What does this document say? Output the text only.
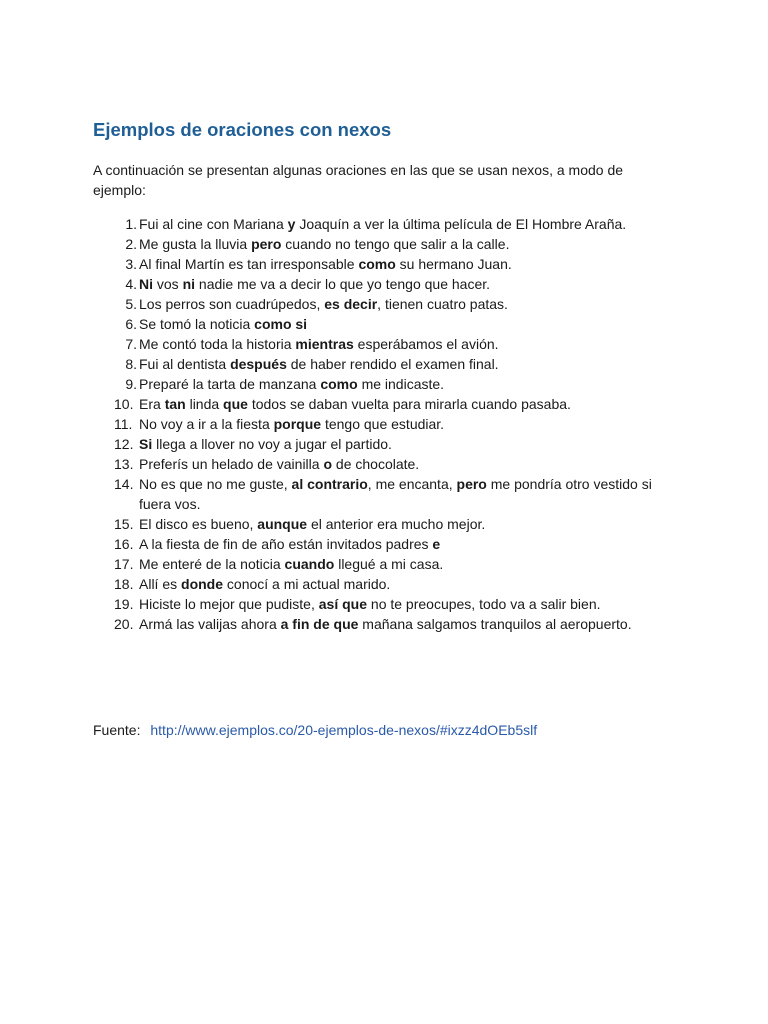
Ejemplos de oraciones con nexos

A continuación se presentan algunas oraciones en las que se usan nexos, a modo de ejemplo:

1. Fui al cine con Mariana y Joaquín a ver la última película de El Hombre Araña.
2. Me gusta la lluvia pero cuando no tengo que salir a la calle.
3. Al final Martín es tan irresponsable como su hermano Juan.
4. Ni vos ni nadie me va a decir lo que yo tengo que hacer.
5. Los perros son cuadrúpedos, es decir, tienen cuatro patas.
6. Se tomó la noticia como si
7. Me contó toda la historia mientras esperábamos el avión.
8. Fui al dentista después de haber rendido el examen final.
9. Preparé la tarta de manzana como me indicaste.
10. Era tan linda que todos se daban vuelta para mirarla cuando pasaba.
11. No voy a ir a la fiesta porque tengo que estudiar.
12. Si llega a llover no voy a jugar el partido.
13. Preferís un helado de vainilla o de chocolate.
14. No es que no me guste, al contrario, me encanta, pero me pondría otro vestido si fuera vos.
15. El disco es bueno, aunque el anterior era mucho mejor.
16. A la fiesta de fin de año están invitados padres e
17. Me enteré de la noticia cuando llegué a mi casa.
18. Allí es donde conocí a mi actual marido.
19. Hiciste lo mejor que pudiste, así que no te preocupes, todo va a salir bien.
20. Armá las valijas ahora a fin de que mañana salgamos tranquilos al aeropuerto.
Fuente: http://www.ejemplos.co/20-ejemplos-de-nexos/#ixzz4dOEb5slf
